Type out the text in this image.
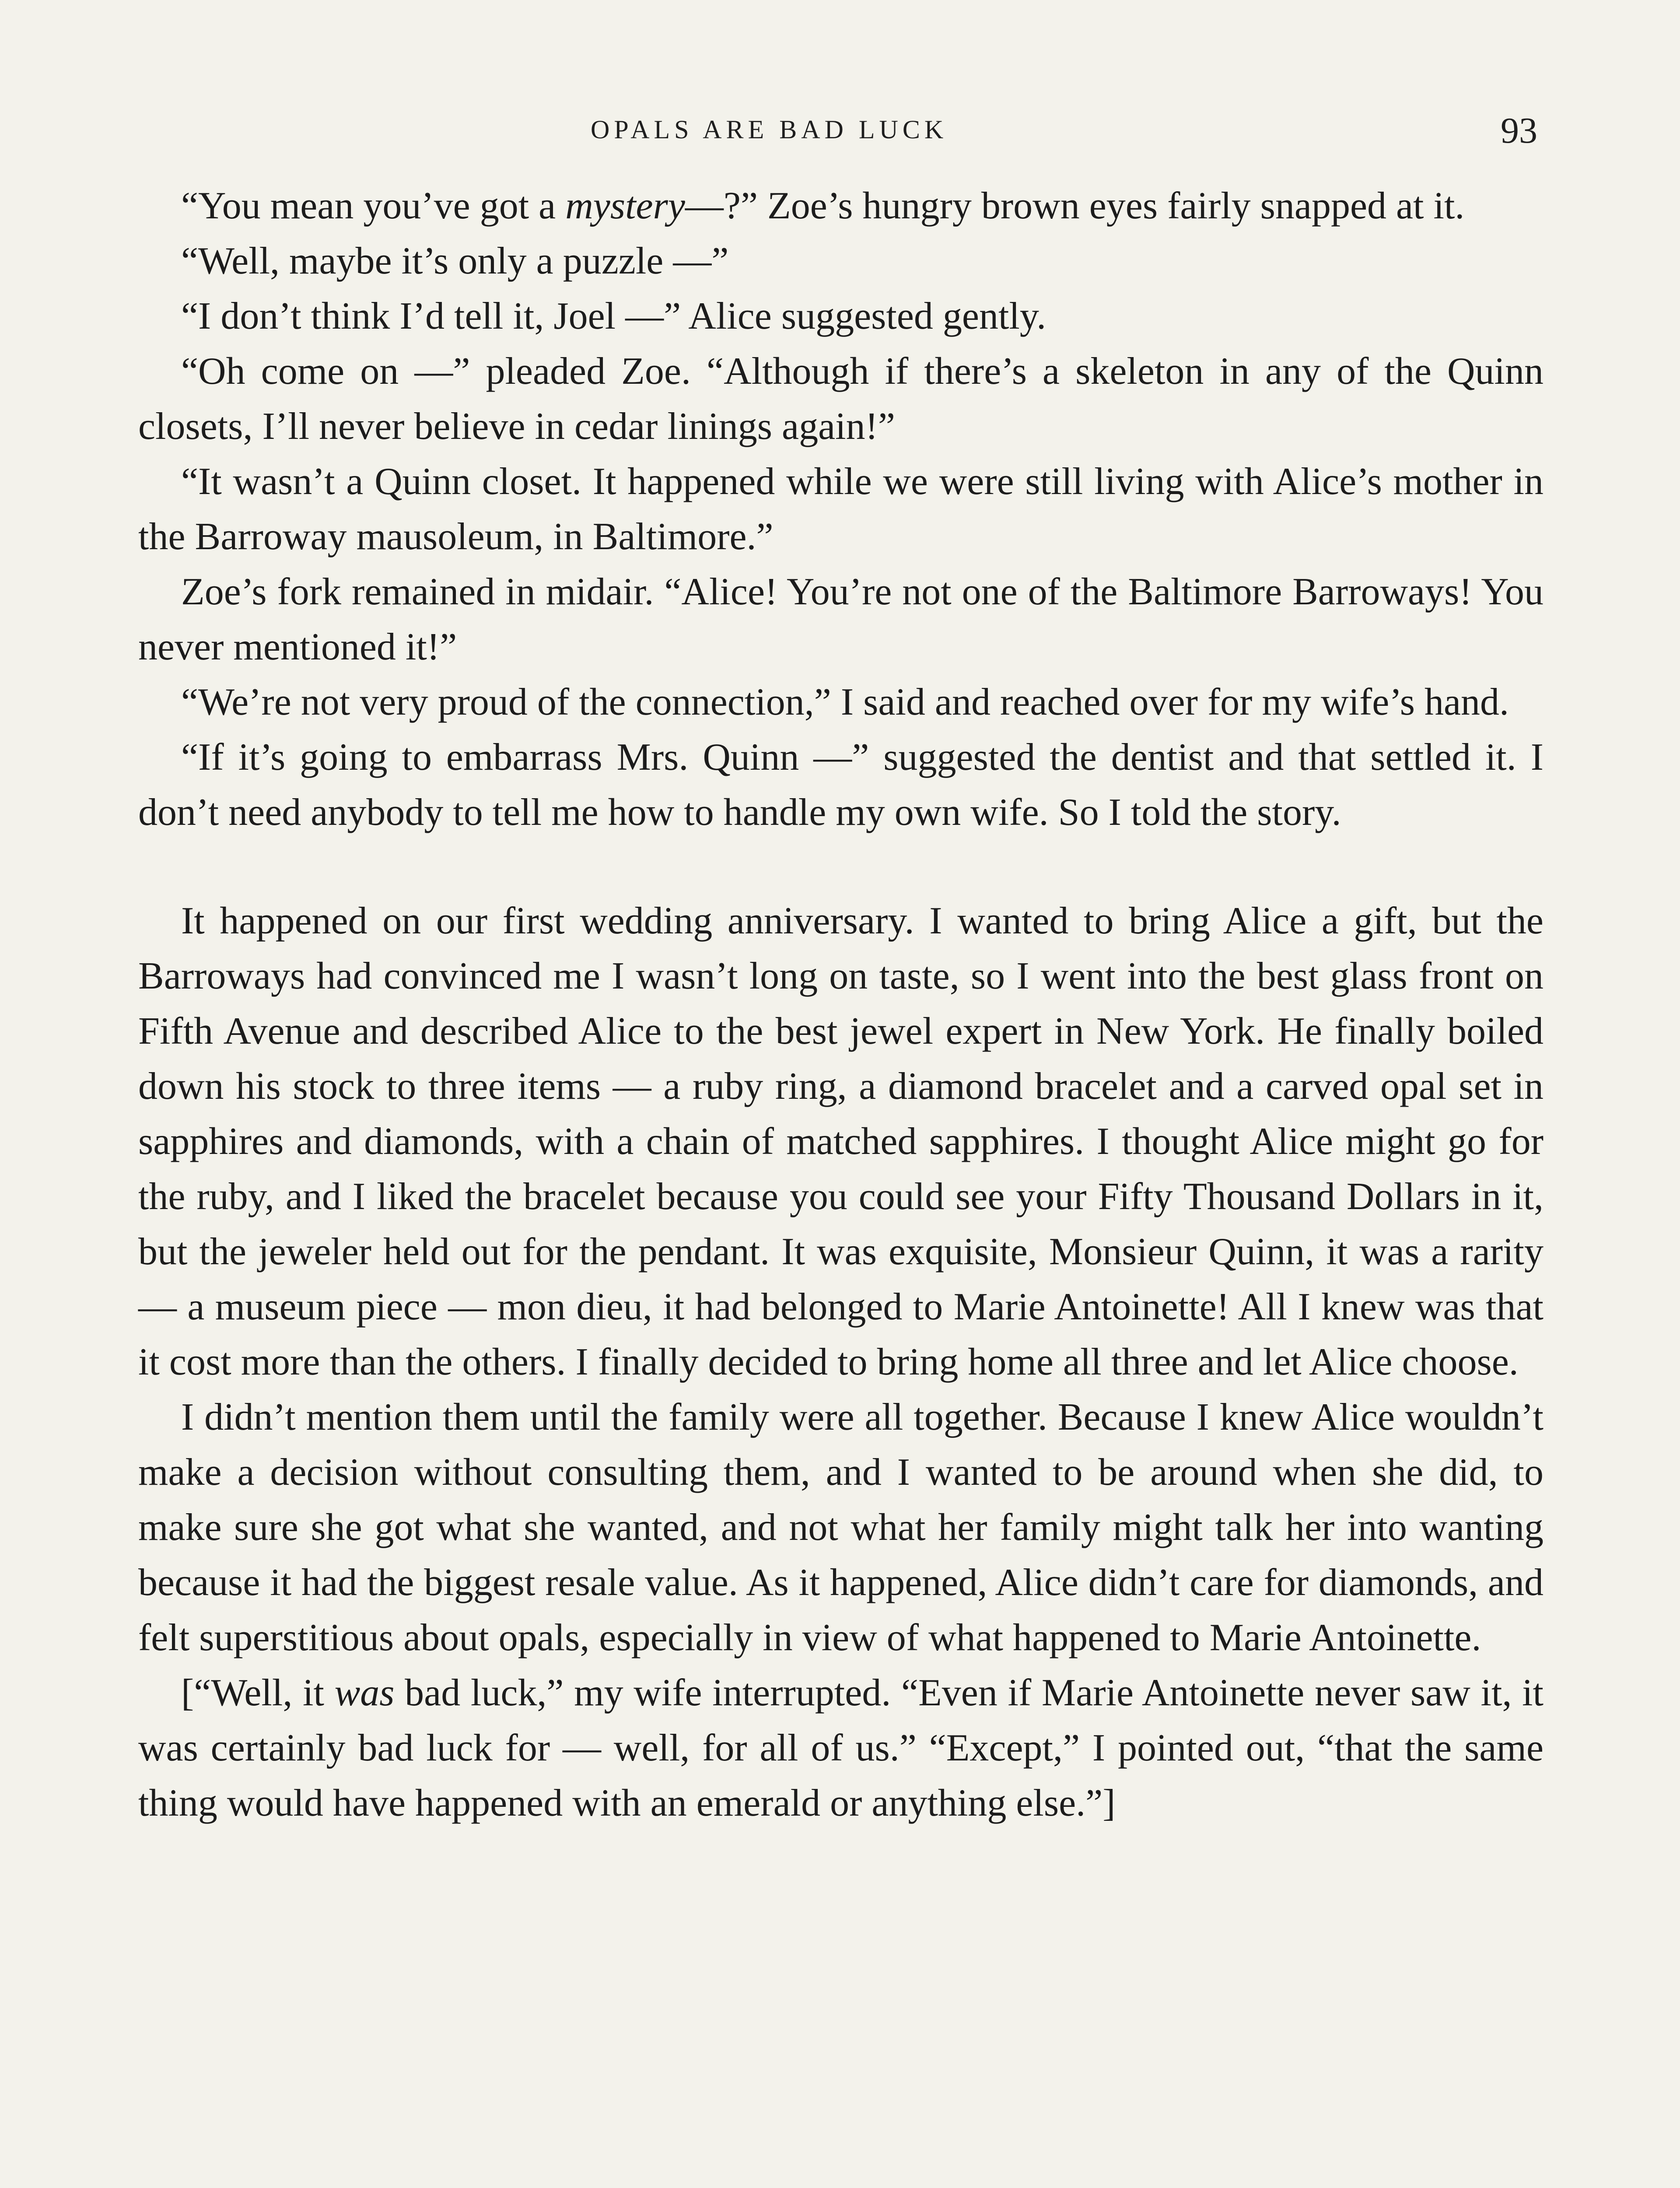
OPALS ARE BAD LUCK	93

“You mean you’ve got a mystery—?” Zoe’s hungry brown eyes fairly snapped at it.

“Well, maybe it’s only a puzzle —”

“I don’t think I’d tell it, Joel —” Alice suggested gently.

“Oh come on —” pleaded Zoe. “Although if there’s a skeleton in any of the Quinn closets, I’ll never believe in cedar linings again!”

“It wasn’t a Quinn closet. It happened while we were still living with Alice’s mother in the Barroway mausoleum, in Baltimore.”

Zoe’s fork remained in midair. “Alice! You’re not one of the Baltimore Barroways! You never mentioned it!”

“We’re not very proud of the connection,” I said and reached over for my wife’s hand.

“If it’s going to embarrass Mrs. Quinn —” suggested the dentist and that settled it. I don’t need anybody to tell me how to handle my own wife. So I told the story.

It happened on our first wedding anniversary. I wanted to bring Alice a gift, but the Barroways had convinced me I wasn’t long on taste, so I went into the best glass front on Fifth Avenue and described Alice to the best jewel expert in New York. He finally boiled down his stock to three items — a ruby ring, a diamond bracelet and a carved opal set in sapphires and diamonds, with a chain of matched sapphires. I thought Alice might go for the ruby, and I liked the bracelet because you could see your Fifty Thousand Dollars in it, but the jeweler held out for the pendant. It was exquisite, Monsieur Quinn, it was a rarity — a museum piece — mon dieu, it had belonged to Marie Antoinette! All I knew was that it cost more than the others. I finally decided to bring home all three and let Alice choose.

I didn’t mention them until the family were all together. Because I knew Alice wouldn’t make a decision without consulting them, and I wanted to be around when she did, to make sure she got what she wanted, and not what her family might talk her into wanting because it had the biggest resale value. As it happened, Alice didn’t care for diamonds, and felt superstitious about opals, especially in view of what happened to Marie Antoinette.

[“Well, it was bad luck,” my wife interrupted. “Even if Marie Antoinette never saw it, it was certainly bad luck for — well, for all of us.” “Except,” I pointed out, “that the same thing would have happened with an emerald or anything else.”]
